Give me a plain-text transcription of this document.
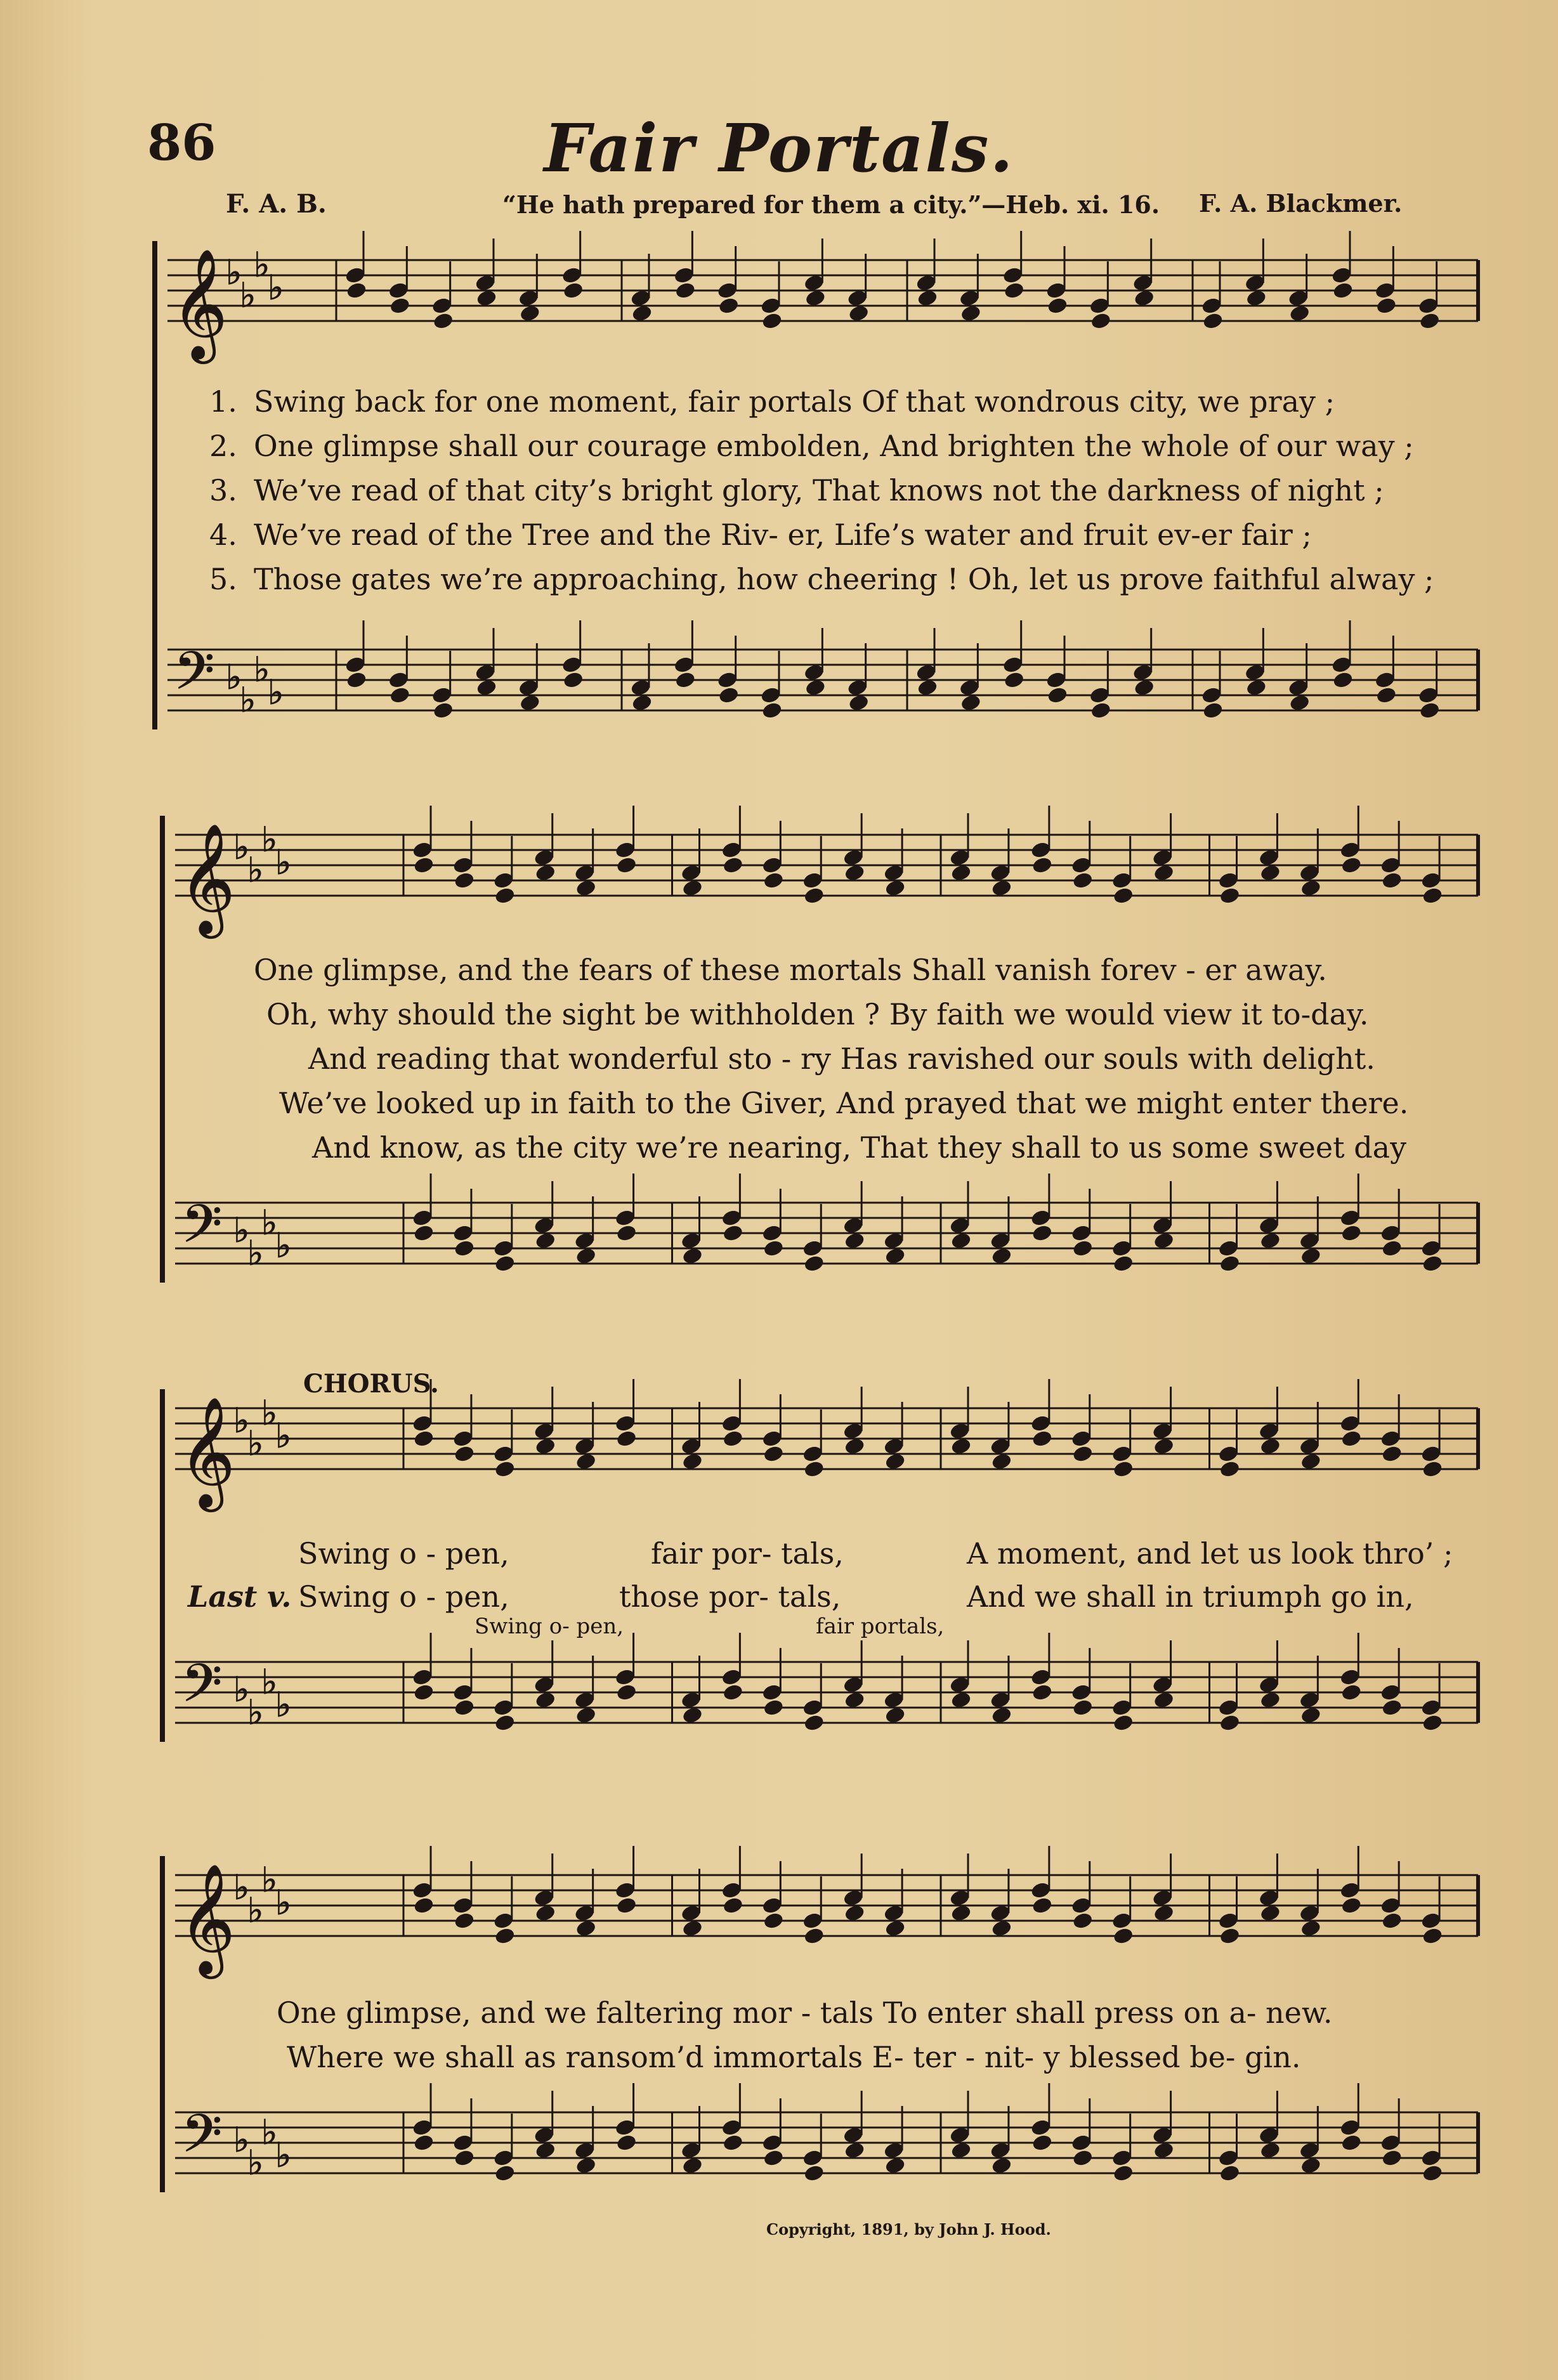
86	Fair Portals.
F. A. B.	“He hath prepared for them a city.”—Heb. xi. 16. F. A. Blackmer.
𝄞
♭
♭
♭
♭
𝄢 ♭
♭
♭
♭
𝄞
♭
♭
♭
♭
𝄢 ♭
♭
♭
♭
𝄞
♭
♭
♭
♭
𝄢 ♭
♭
♭
♭
𝄞
♭
♭
♭
♭
𝄢 ♭
♭
♭
♭
1. Swing back for one moment, fair portals Of that wondrous city, we pray ;
2. One glimpse shall our courage embolden, And brighten the whole of our way ;
3. We’ve read of that city’s bright glory, That knows not the darkness of night ;
4. We’ve read of the Tree and the Riv- er, Life’s water and fruit ev-er fair ;
5. Those gates we’re approaching, how cheering ! Oh, let us prove faithful alway ;
One glimpse, and the fears of these mortals Shall vanish forev - er away.
Oh, why should the sight be withholden ? By faith we would view it to-day.
And reading that wonderful sto - ry Has ravished our souls with delight.
We’ve looked up in faith to the Giver, And prayed that we might enter there.
And know, as the city we’re nearing, That they shall to us some sweet day
CHORUS.
Swing o - pen,	fair por- tals,	A moment, and let us look thro’ ;
Last v. Swing o - pen,	those por- tals,	And we shall in triumph go in,
Swing o- pen,	fair portals,
One glimpse, and we faltering mor - tals To enter shall press on a- new.
Where we shall as ransom’d immortals E- ter - nit- y blessed be- gin.
Copyright, 1891, by John J. Hood.
